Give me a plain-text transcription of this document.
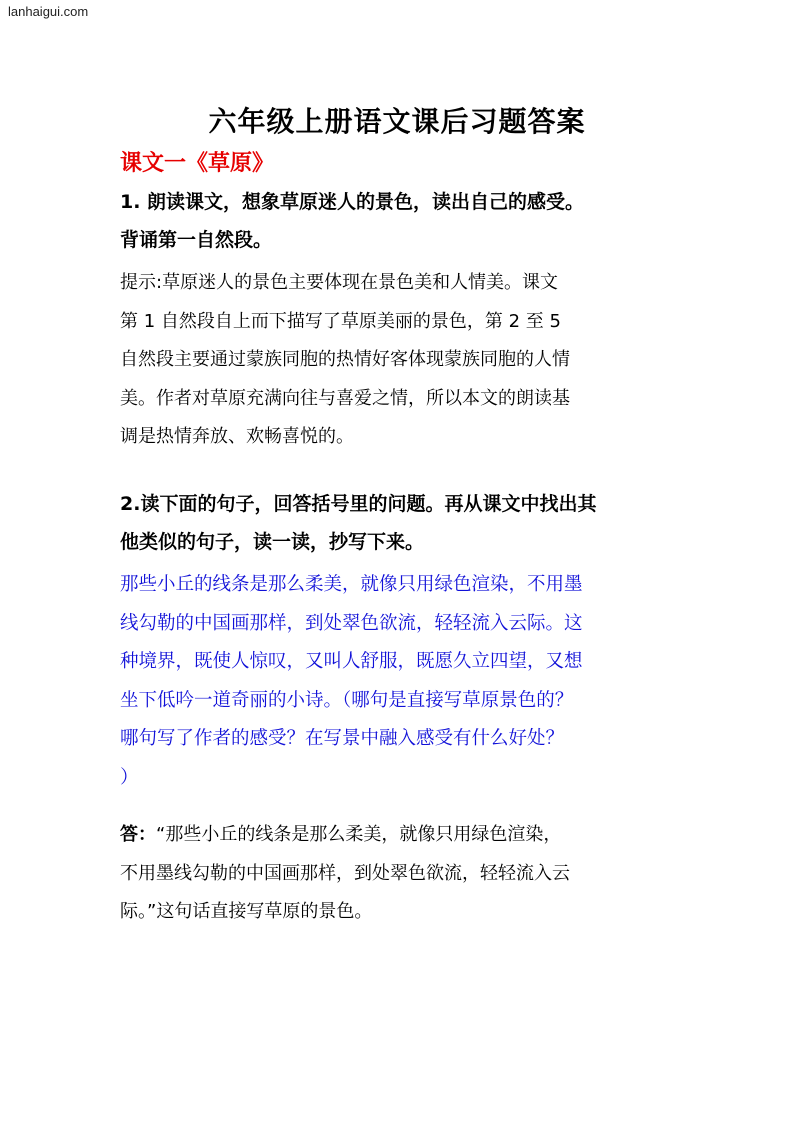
lanhaigui.com
六年级上册语文课后习题答案
课文一《草原》
1. 朗读课文，想象草原迷人的景色，读出自己的感受。
背诵第一自然段。
提示:草原迷人的景色主要体现在景色美和人情美。课文
第 1 自然段自上而下描写了草原美丽的景色，第 2 至 5
自然段主要通过蒙族同胞的热情好客体现蒙族同胞的人情
美。作者对草原充满向往与喜爱之情，所以本文的朗读基
调是热情奔放、欢畅喜悦的。
2.读下面的句子，回答括号里的问题。再从课文中找出其
他类似的句子，读一读，抄写下来。
那些小丘的线条是那么柔美，就像只用绿色渲染，不用墨
线勾勒的中国画那样，到处翠色欲流，轻轻流入云际。这
种境界，既使人惊叹，又叫人舒服，既愿久立四望，又想
坐下低吟一道奇丽的小诗。（哪句是直接写草原景色的？
哪句写了作者的感受？在写景中融入感受有什么好处？
）
答：“那些小丘的线条是那么柔美，就像只用绿色渲染，
不用墨线勾勒的中国画那样，到处翠色欲流，轻轻流入云
际。”这句话直接写草原的景色。
